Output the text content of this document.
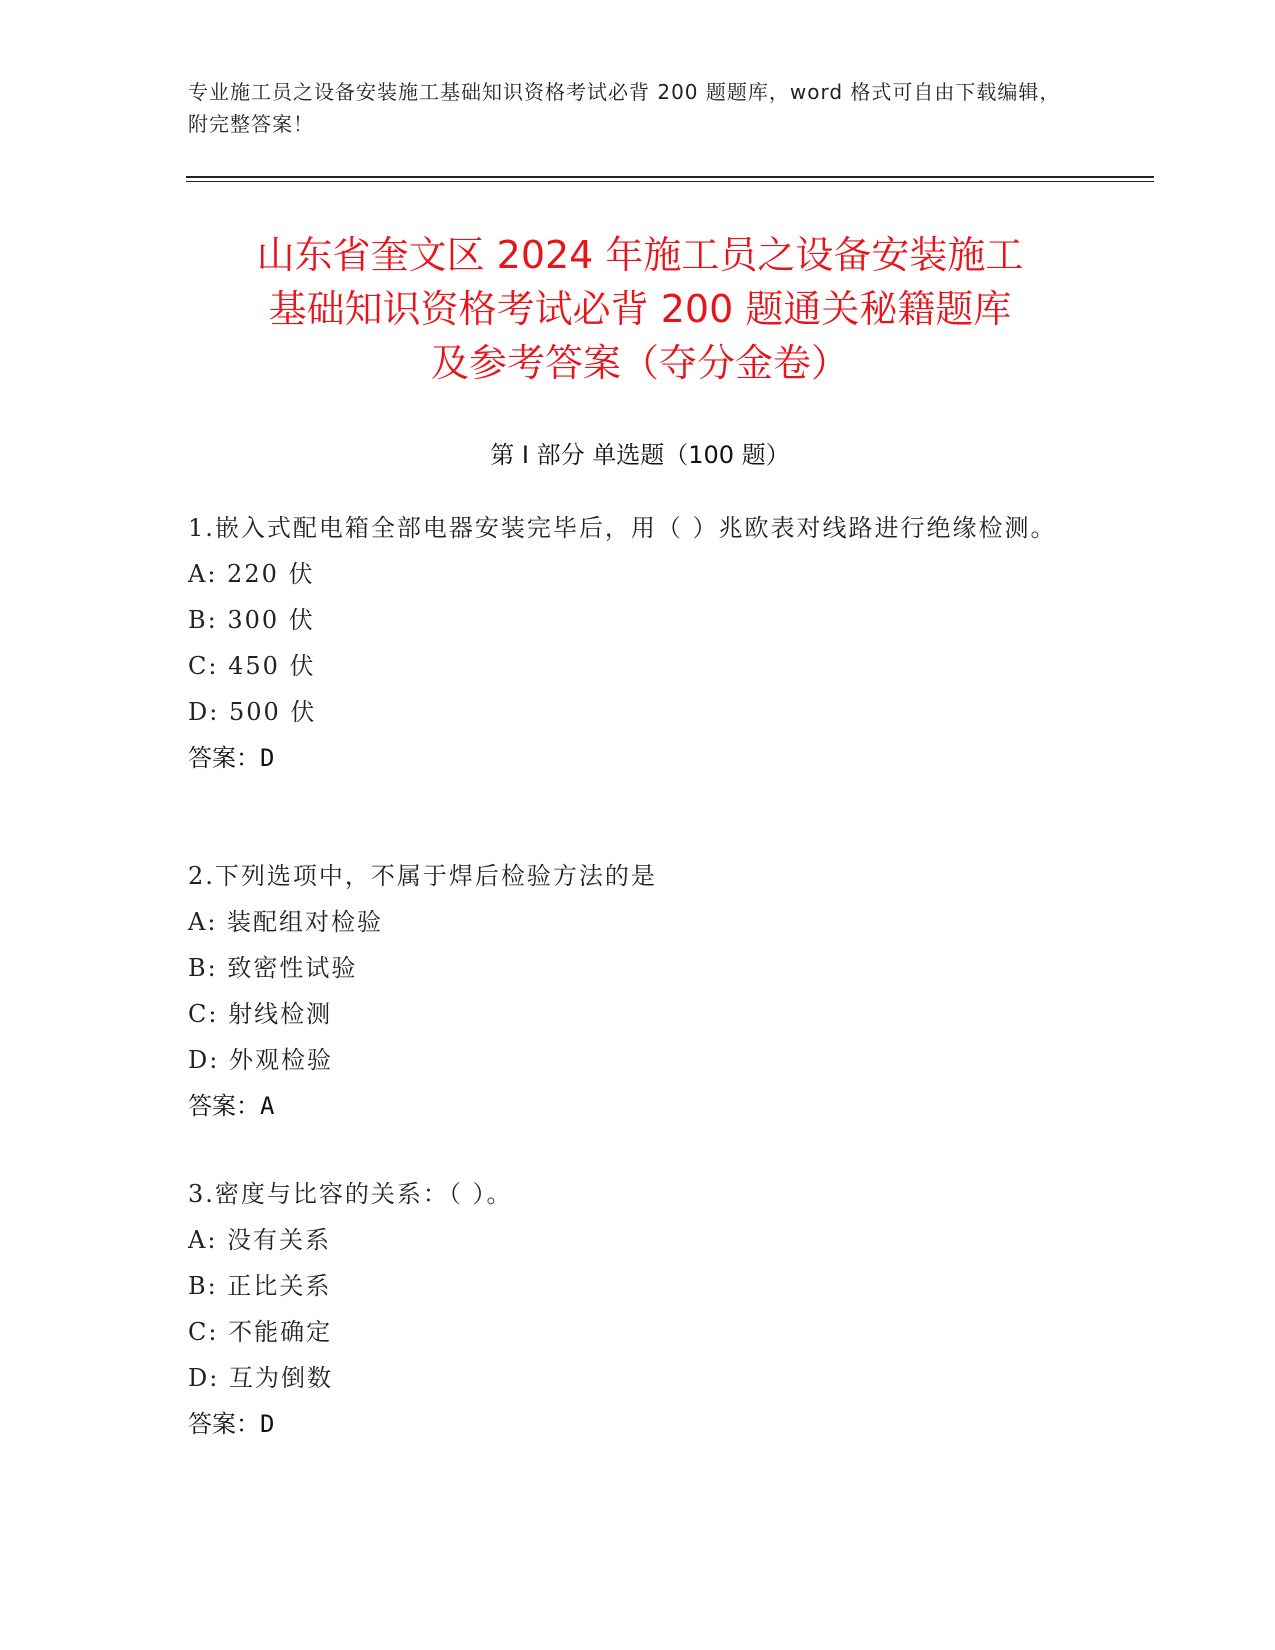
专业施工员之设备安装施工基础知识资格考试必背 200 题题库，word 格式可自由下载编辑，附完整答案！
山东省奎文区 2024 年施工员之设备安装施工
基础知识资格考试必背 200 题通关秘籍题库
及参考答案（夺分金卷）
第 I 部分 单选题（100 题）
1.嵌入式配电箱全部电器安装完毕后，用（ ）兆欧表对线路进行绝缘检测。
A: 220 伏
B: 300 伏
C: 450 伏
D: 500 伏
答案：D
2.下列选项中，不属于焊后检验方法的是
A: 装配组对检验
B: 致密性试验
C: 射线检测
D: 外观检验
答案：A
3.密度与比容的关系：（ ）。
A: 没有关系
B: 正比关系
C: 不能确定
D: 互为倒数
答案：D
